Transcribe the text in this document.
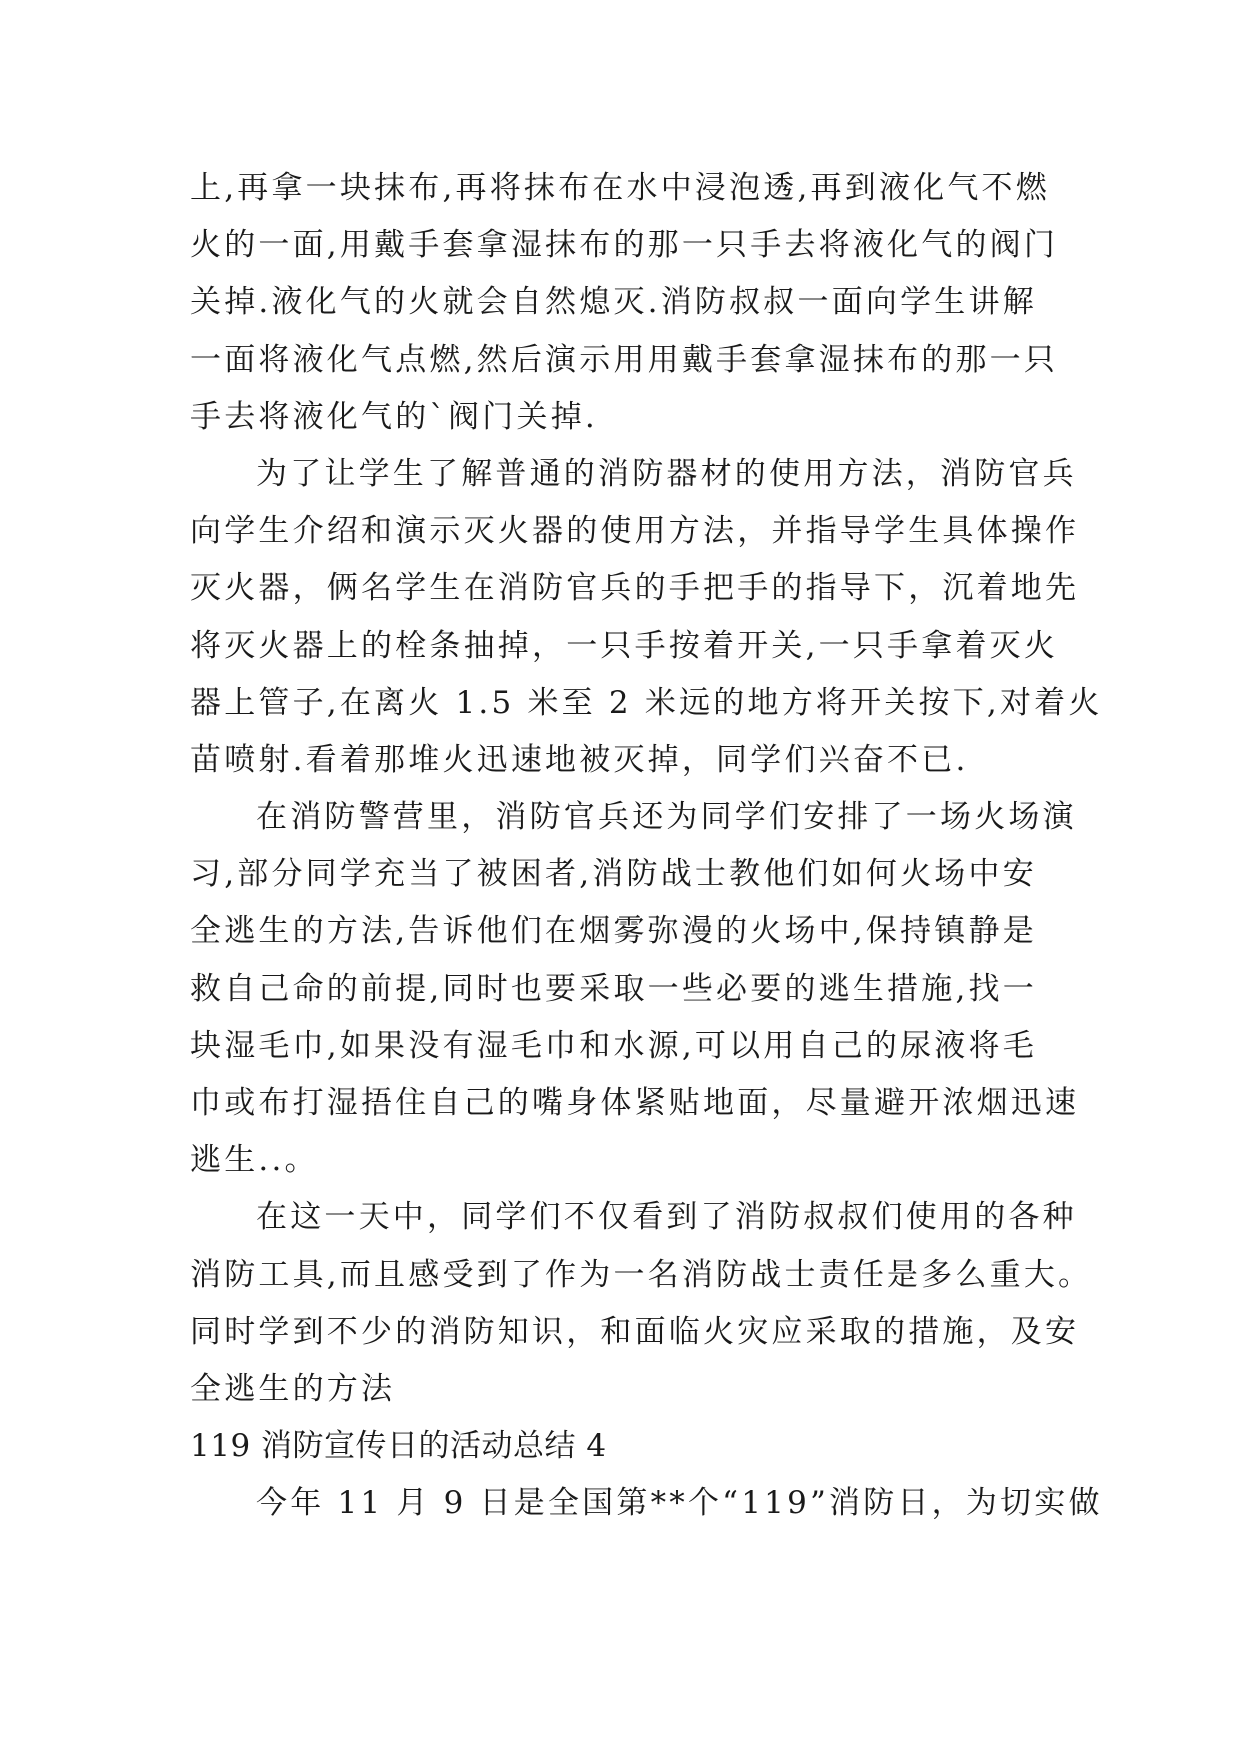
上,再拿一块抹布,再将抹布在水中浸泡透,再到液化气不燃
火的一面,用戴手套拿湿抹布的那一只手去将液化气的阀门
关掉.液化气的火就会自然熄灭.消防叔叔一面向学生讲解
一面将液化气点燃,然后演示用用戴手套拿湿抹布的那一只
手去将液化气的`阀门关掉.
为了让学生了解普通的消防器材的使用方法，消防官兵
向学生介绍和演示灭火器的使用方法，并指导学生具体操作
灭火器，俩名学生在消防官兵的手把手的指导下，沉着地先
将灭火器上的栓条抽掉，一只手按着开关,一只手拿着灭火
器上管子,在离火 1.5 米至 2 米远的地方将开关按下,对着火
苗喷射.看着那堆火迅速地被灭掉，同学们兴奋不已.
在消防警营里，消防官兵还为同学们安排了一场火场演
习,部分同学充当了被困者,消防战士教他们如何火场中安
全逃生的方法,告诉他们在烟雾弥漫的火场中,保持镇静是
救自己命的前提,同时也要采取一些必要的逃生措施,找一
块湿毛巾,如果没有湿毛巾和水源,可以用自己的尿液将毛
巾或布打湿捂住自己的嘴身体紧贴地面，尽量避开浓烟迅速
逃生..。
在这一天中，同学们不仅看到了消防叔叔们使用的各种
消防工具,而且感受到了作为一名消防战士责任是多么重大。
同时学到不少的消防知识，和面临火灾应采取的措施，及安
全逃生的方法
119 消防宣传日的活动总结 4
今年 11 月 9 日是全国第**个“119”消防日，为切实做
